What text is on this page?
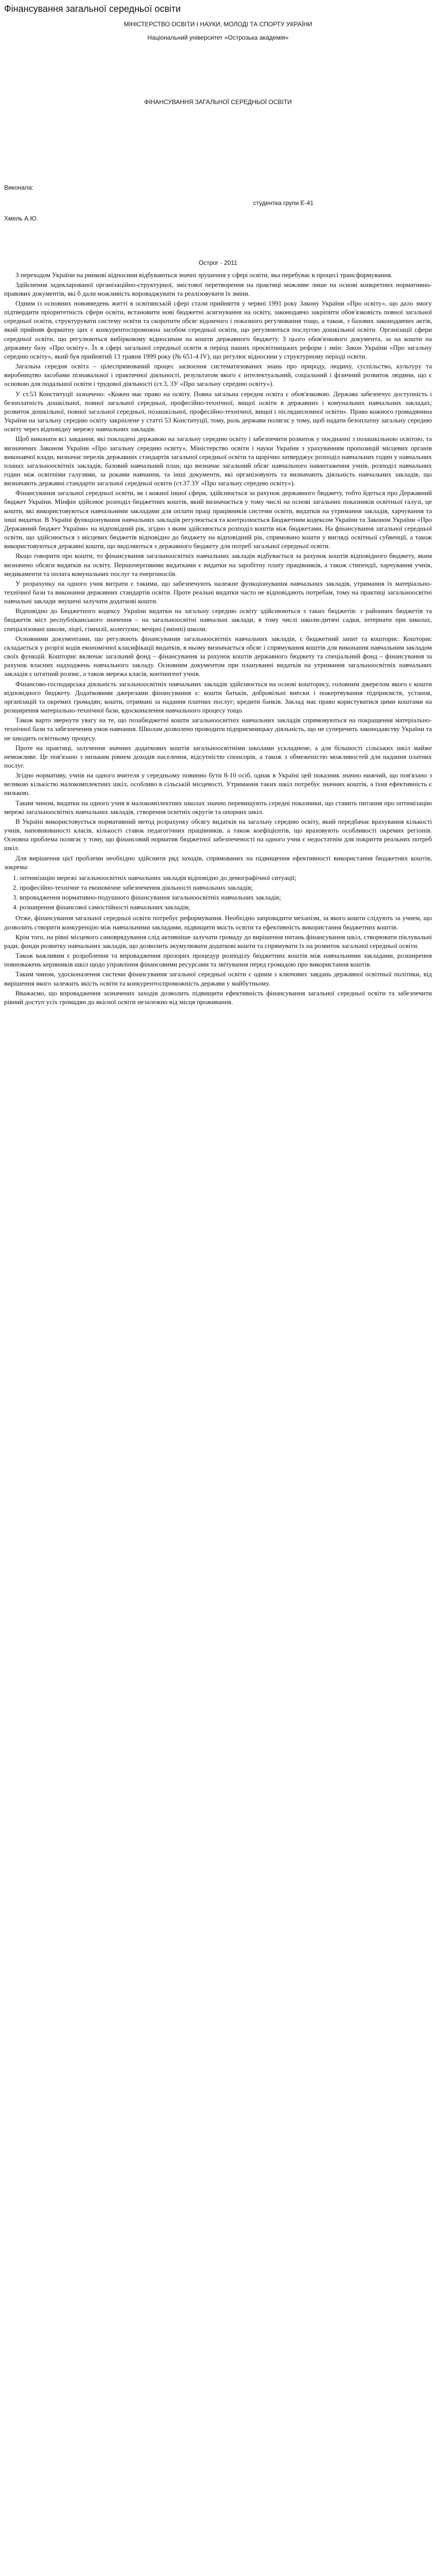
Фінансування загальної середньої освіти

МІНІСТЕРСТВО ОСВІТИ І НАУКИ, МОЛОДІ ТА СПОРТУ УКРАЇНИ

Національний університет «Острозька академія»

ФІНАНСУВАННЯ ЗАГАЛЬНОЇ СЕРЕДНЬОЇ ОСВІТИ

Виконала:

студентка групи Е-41

Хмель А.Ю.

Острог - 2011

З переходом України на ринкові відносини відбуваються значні зрушення у сфері освіти, яка перебуває в процесі трансформування.

Здійснення задекларованої організаційно-структурної, змістової перетворення на практиці можливе лише на основі конкретних нормативно-правових документів, які б дали можливість впроваджувати та реалізовувати їх зміни.

Одним із основних нововведень житті в освітянській сфері стали прийняття у червні 1991 року Закону України «Про освіту», що дало змогу підтвердити пріоритетність сфери освіти, встановити нові бюджетні асигнування на освіту, законодавчо закріпити обов'язковість повної загальної середньої освіти, структурувати систему освіти та скоротити обсяг відомчого і показного регулювання тощо, а також, з базових законодавчих актів, який прийняв форматну цих є конкурентоспроможна засобом середньої освіти, що регулюються послугою дошкільної освіти. Організації сфери середньої освіти, що регулюються вибірковому відносинам на кошти державного бюджету. З цього обов'язкового документа, за на кошти на державну базу «Про освіту». Їх в сфері загальної середньої освіти в період наших просвітницьких реформ і змін: Закон України «Про загальну середню освіту», який був прийнятий 13 травня 1999 року (№ 651-4 IV), що регулює відносини у структурному періоді освіти.

Загальна середня освіта – цілеспрямований процес засвоєння систематизованих знань про природу, людину, суспільство, культуру та виробництво засобами пізнавальної і практичної діяльності, результатом якого є інтелектуальний, соціальний і фізичний розвиток людини, що є основою для подальшої освіти і трудової діяльності (ст.3, 3У «Про загальну середню освіту»).

У ст.53 Конституції зазначено: «Кожен має право на освіту. Повна загальна середня освіта є обов'язковою. Держава забезпечує доступність і безоплатність дошкільної, повної загальної середньої, професійно-технічної, вищої освіти в державних і комунальних навчальних закладах; розвиток дошкільної, повної загальної середньої, позашкільної, професійно-технічної, вищої і післядипломної освіти». Право кожного громадянина України на загальну середню освіту закріплене у статті 53 Конституції, тому, роль держави полягає у тому, щоб надати безоплатну загальну середню освіту через відповідну мережу навчальних закладів.

Щоб виконати всі завдання, які покладені державою на загальну середню освіту і забезпечити розвиток у поєднанні з позашкільною освітою, та визначених Законом України «Про загальну середню освіту», Міністерство освіти і науки України з урахуванням пропозицій місцевих органів виконавчої влади, визначає перелік державних стандартів загальної середньої освіти та щорічно затверджує розподіл навчальних годин у навчальних планах загальноосвітніх закладів, базовий навчальний план, що визначає загальний обсяг навчального навантаження учнів, розподіл навчальних годин між освітніми галузями, за роками навчання, та інші документи, які організовують та визначають діяльність навчальних закладів, що визначають державні стандарти загальної середньої освіти (ст.37 3У «Про загальну середню освіту»).

Фінансування загальної середньої освіти, як і кожної іншої сфери, здійснюється за рахунок державного бюджету, тобто йдеться про Державний бюджет України. Мінфін здійснює розподіл бюджетних коштів, який визначається у тому числі на основі загальних показників освітньої галузі, це кошти, які використовуються навчальними закладами для оплати праці працівників системи освіти, видатків на утримання закладів, харчування та інші видатки. В Україні функціонування навчальних закладів регулюється та контролюється Бюджетним кодексом України та Законом України «Про Державний бюджет України» на відповідний рік, згідно з яким здійснюється розподіл коштів між бюджетами. На фінансування загальної середньої освіти, що здійснюється з місцевих бюджетів відповідно до бюджету на відповідний рік, спрямовано кошти у вигляді освітньої субвенції, а також використовуються державні кошти, що виділяються з державного бюджету для потреб загальної середньої освіти.

Якщо говорити про кошти, то фінансування загальноосвітніх навчальних закладів відбувається за рахунок коштів відповідного бюджету, яким визначено обсяги видатків на освіту. Першочерговими видатками є видатки на заробітну плату працівників, а також стипендії, харчування учнів, медикаменти та оплата комунальних послуг та енергоносіїв.

У розрахунку на одного учня витрати є такими, що забезпечують належне функціонування навчальних закладів, утримання їх матеріально-технічної бази та виконання державних стандартів освіти. Проте реальні видатки часто не відповідають потребам, тому на практиці загальноосвітні навчальні заклади змушені залучати додаткові кошти.

Відповідно до Бюджетного кодексу України видатки на загальну середню освіту здійснюються з таких бюджетів: з районних бюджетів та бюджетів міст республіканського значення – на загальноосвітні навчальні заклади, в тому числі школи-дитячі садки, інтернати при школах, спеціалізовані школи, ліцеї, гімназії, колегіуми; вечірні (змінні) школи.

Основними документами, що регулюють фінансування загальноосвітніх навчальних закладів, є бюджетний запит та кошторис. Кошторис складається у розрізі кодів економічної класифікації видатків, в ньому визначається обсяг і спрямування коштів для виконання навчальним закладом своїх функцій. Кошторис включає загальний фонд – фінансування за рахунок коштів державного бюджету та спеціальний фонд – фінансування за рахунок власних надходжень навчального закладу. Основним документом при плануванні видатків на утримання загальноосвітніх навчальних закладів є штатний розпис, а також мережа класів, контингент учнів.

Фінансово-господарська діяльність загальноосвітніх навчальних закладів здійснюється на основі кошторису, головним джерелом якого є кошти відповідного бюджету. Додатковими джерелами фінансування є: кошти батьків, добровільні внески і пожертвування підприємств, установ, організацій та окремих громадян; кошти, отримані за надання платних послуг; кредити банків. Заклад має право користуватися цими коштами на розширення матеріально-технічної бази, вдосконалення навчального процесу тощо.

Також варто звернути увагу на те, що позабюджетні кошти загальноосвітніх навчальних закладів спрямовуються на покращення матеріально-технічної бази та забезпечення умов навчання. Школам дозволено проводити підприємницьку діяльність, що не суперечить законодавству України та не шкодить освітньому процесу.

Проте на практиці, залучення значних додаткових коштів загальноосвітніми школами ускладнене, а для більшості сільських шкіл майже неможливе. Це пов'язано з низьким рівнем доходів населення, відсутністю спонсорів, а також з обмеженістю можливостей для надання платних послуг.

Згідно нормативу, учнів на одного вчителя у середньому повинно бути 8-10 осіб, однак в Україні цей показник значно нижчий, що пов'язано з великою кількістю малокомплектних шкіл, особливо в сільській місцевості. Утримання таких шкіл потребує значних коштів, а їхня ефективність є низькою.

Таким чином, видатки на одного учня в малокомплектних школах значно перевищують середні показники, що ставить питання про оптимізацію мережі загальноосвітніх навчальних закладів, створення освітніх округів та опорних шкіл.

В Україні використовується нормативний метод розрахунку обсягу видатків на загальну середню освіту, який передбачає врахування кількості учнів, наповнюваності класів, кількості ставок педагогічних працівників, а також коефіцієнтів, що враховують особливості окремих регіонів. Основна проблема полягає у тому, що фінансовий норматив бюджетної забезпеченості на одного учня є недостатнім для покриття реальних потреб шкіл.

Для вирішення цієї проблеми необхідно здійснити ряд заходів, спрямованих на підвищення ефективності використання бюджетних коштів, зокрема:

1. оптимізацію мережі загальноосвітніх навчальних закладів відповідно до демографічної ситуації;
2. професійно-технічне та економічне забезпечення діяльності навчальних закладів;
3. впровадження нормативно-подушного фінансування загальноосвітніх навчальних закладів;
4. розширення фінансової самостійності навчальних закладів;

Отже, фінансування загальної середньої освіти потребує реформування. Необхідно запровадити механізм, за якого кошти слідують за учнем, що дозволить створити конкуренцію між навчальними закладами, підвищити якість освіти та ефективність використання бюджетних коштів.

Крім того, на рівні місцевого самоврядування слід активніше залучати громаду до вирішення питань фінансування шкіл, створювати піклувальні ради, фонди розвитку навчальних закладів, що дозволить акумулювати додаткові кошти та спрямувати їх на розвиток загальної середньої освіти.

Також важливим є розроблення та впровадження прозорих процедур розподілу бюджетних коштів між навчальними закладами, розширення повноважень керівників шкіл щодо управління фінансовими ресурсами та звітування перед громадою про використання коштів.

Таким чином, удосконалення системи фінансування загальної середньої освіти є одним з ключових завдань державної освітньої політики, від вирішення якого залежить якість освіти та конкурентоспроможність держави у майбутньому.

Вважаємо, що впровадження зазначених заходів дозволить підвищити ефективність фінансування загальної середньої освіти та забезпечити рівний доступ усіх громадян до якісної освіти незалежно від місця проживання.
